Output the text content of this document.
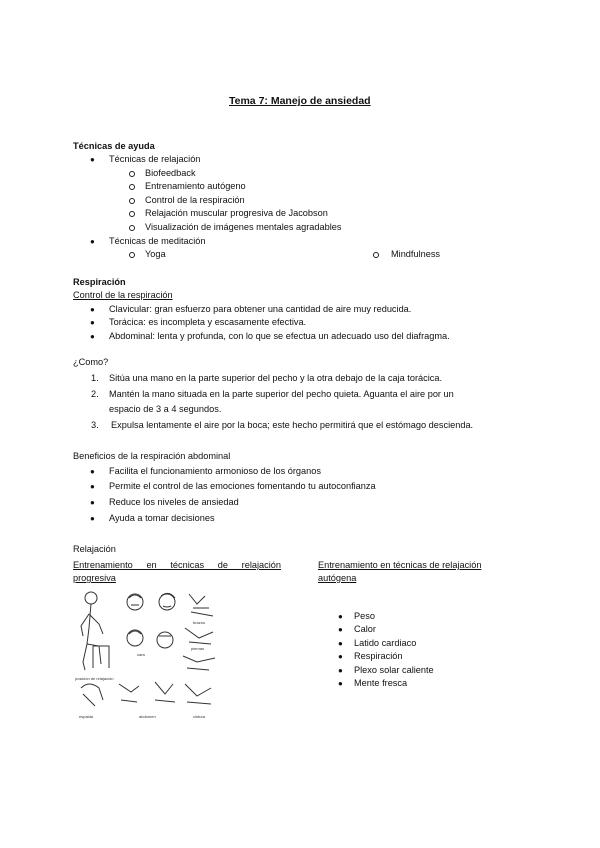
Tema 7: Manejo de ansiedad
Técnicas de ayuda
● Técnicas de relajación
Biofeedback
Entrenamiento autógeno
Control de la respiración
Relajación muscular progresiva de Jacobson
Visualización de imágenes mentales agradables
● Técnicas de meditación
Yoga	Mindfulness
Respiración
Control de la respiración
● Clavicular: gran esfuerzo para obtener una cantidad de aire muy reducida.
● Torácica: es incompleta y escasamente efectiva.
● Abdominal: lenta y profunda, con lo que se efectua un adecuado uso del diafragma.
¿Como?
1. Sitúa una mano en la parte superior del pecho y la otra debajo de la caja torácica.
2. Mantén la mano situada en la parte superior del pecho quieta. Aguanta el aire por un
espacio de 3 a 4 segundos.
3. Expulsa lentamente el aire por la boca; este hecho permitirá que el estómago descienda.
Beneficios de la respiración abdominal
● Facilita el funcionamiento armonioso de los órganos
● Permite el control de las emociones fomentando tu autoconfianza
● Reduce los niveles de ansiedad
● Ayuda a tomar decisiones
Relajación
Entrenamiento en técnicas de relajación
progresiva
Entrenamiento en técnicas de relajación
autógena
brazos
cara
piernas
posición de relajación
espalda	abdomen	cintura
● Peso
● Calor
● Latido cardiaco
● Respiración
● Plexo solar caliente
● Mente fresca
